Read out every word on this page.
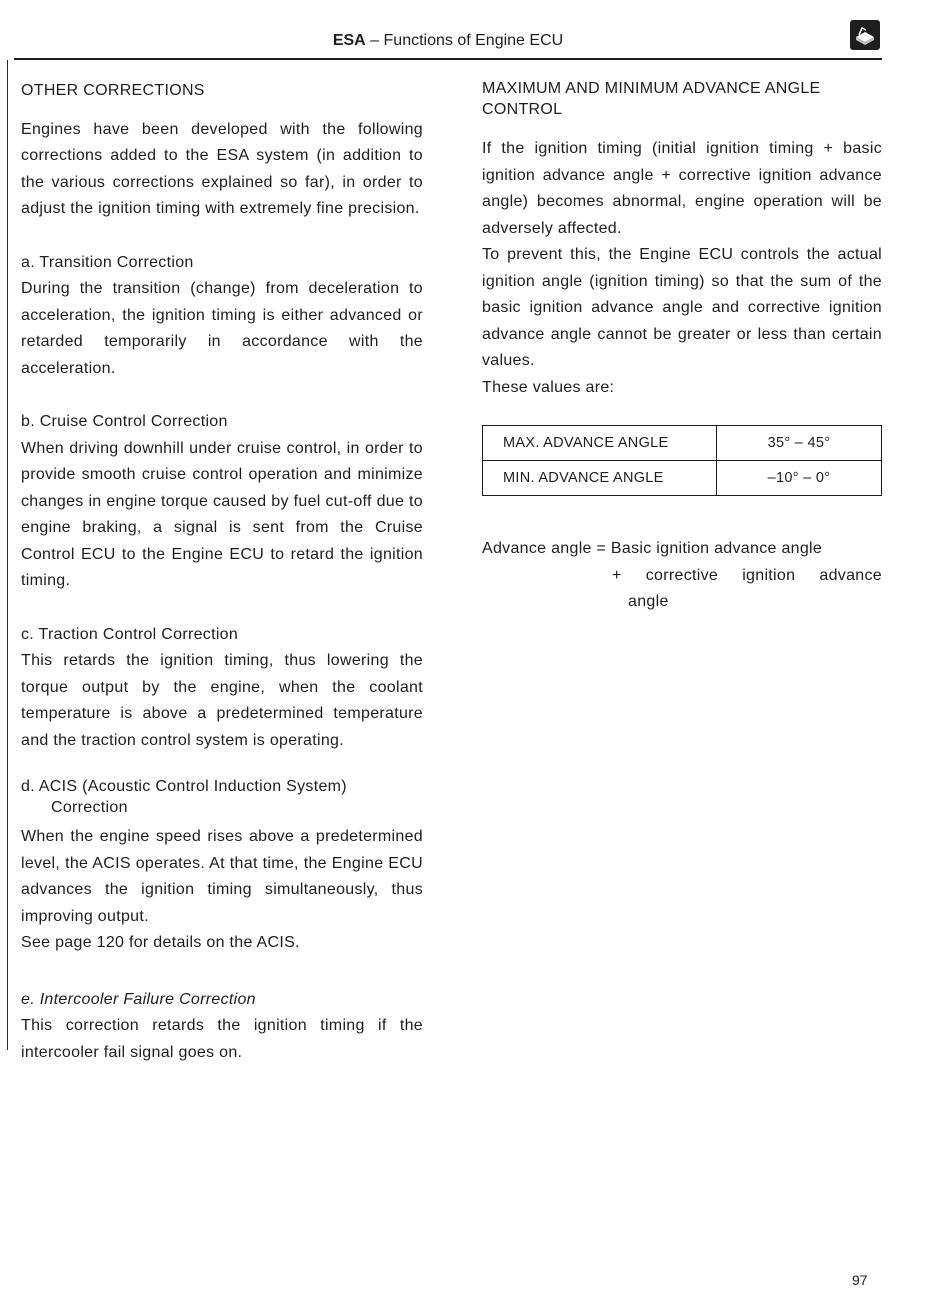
ESA – Functions of Engine ECU

OTHER CORRECTIONS

Engines have been developed with the following corrections added to the ESA system (in addition to the various corrections explained so far), in order to adjust the ignition timing with extremely fine precision.

a. Transition Correction

During the transition (change) from deceleration to acceleration, the ignition timing is either advanced or retarded temporarily in accordance with the acceleration.

b. Cruise Control Correction

When driving downhill under cruise control, in order to provide smooth cruise control operation and minimize changes in engine torque caused by fuel cut-off due to engine braking, a signal is sent from the Cruise Control ECU to the Engine ECU to retard the ignition timing.

c. Traction Control Correction

This retards the ignition timing, thus lowering the torque output by the engine, when the coolant temperature is above a predetermined temperature and the traction control system is operating.

d. ACIS (Acoustic Control Induction System) Correction

When the engine speed rises above a predetermined level, the ACIS operates. At that time, the Engine ECU advances the ignition timing simultaneously, thus improving output.

See page 120 for details on the ACIS.

e. Intercooler Failure Correction

This correction retards the ignition timing if the intercooler fail signal goes on.

MAXIMUM AND MINIMUM ADVANCE ANGLE CONTROL

If the ignition timing (initial ignition timing + basic ignition advance angle + corrective ignition advance angle) becomes abnormal, engine operation will be adversely affected.

To prevent this, the Engine ECU controls the actual ignition angle (ignition timing) so that the sum of the basic ignition advance angle and corrective ignition advance angle cannot be greater or less than certain values.

These values are:

MAX. ADVANCE ANGLE	35° – 45°
MIN. ADVANCE ANGLE	–10° – 0°

Advance angle = Basic ignition advance angle

+ corrective ignition advance

angle

97
